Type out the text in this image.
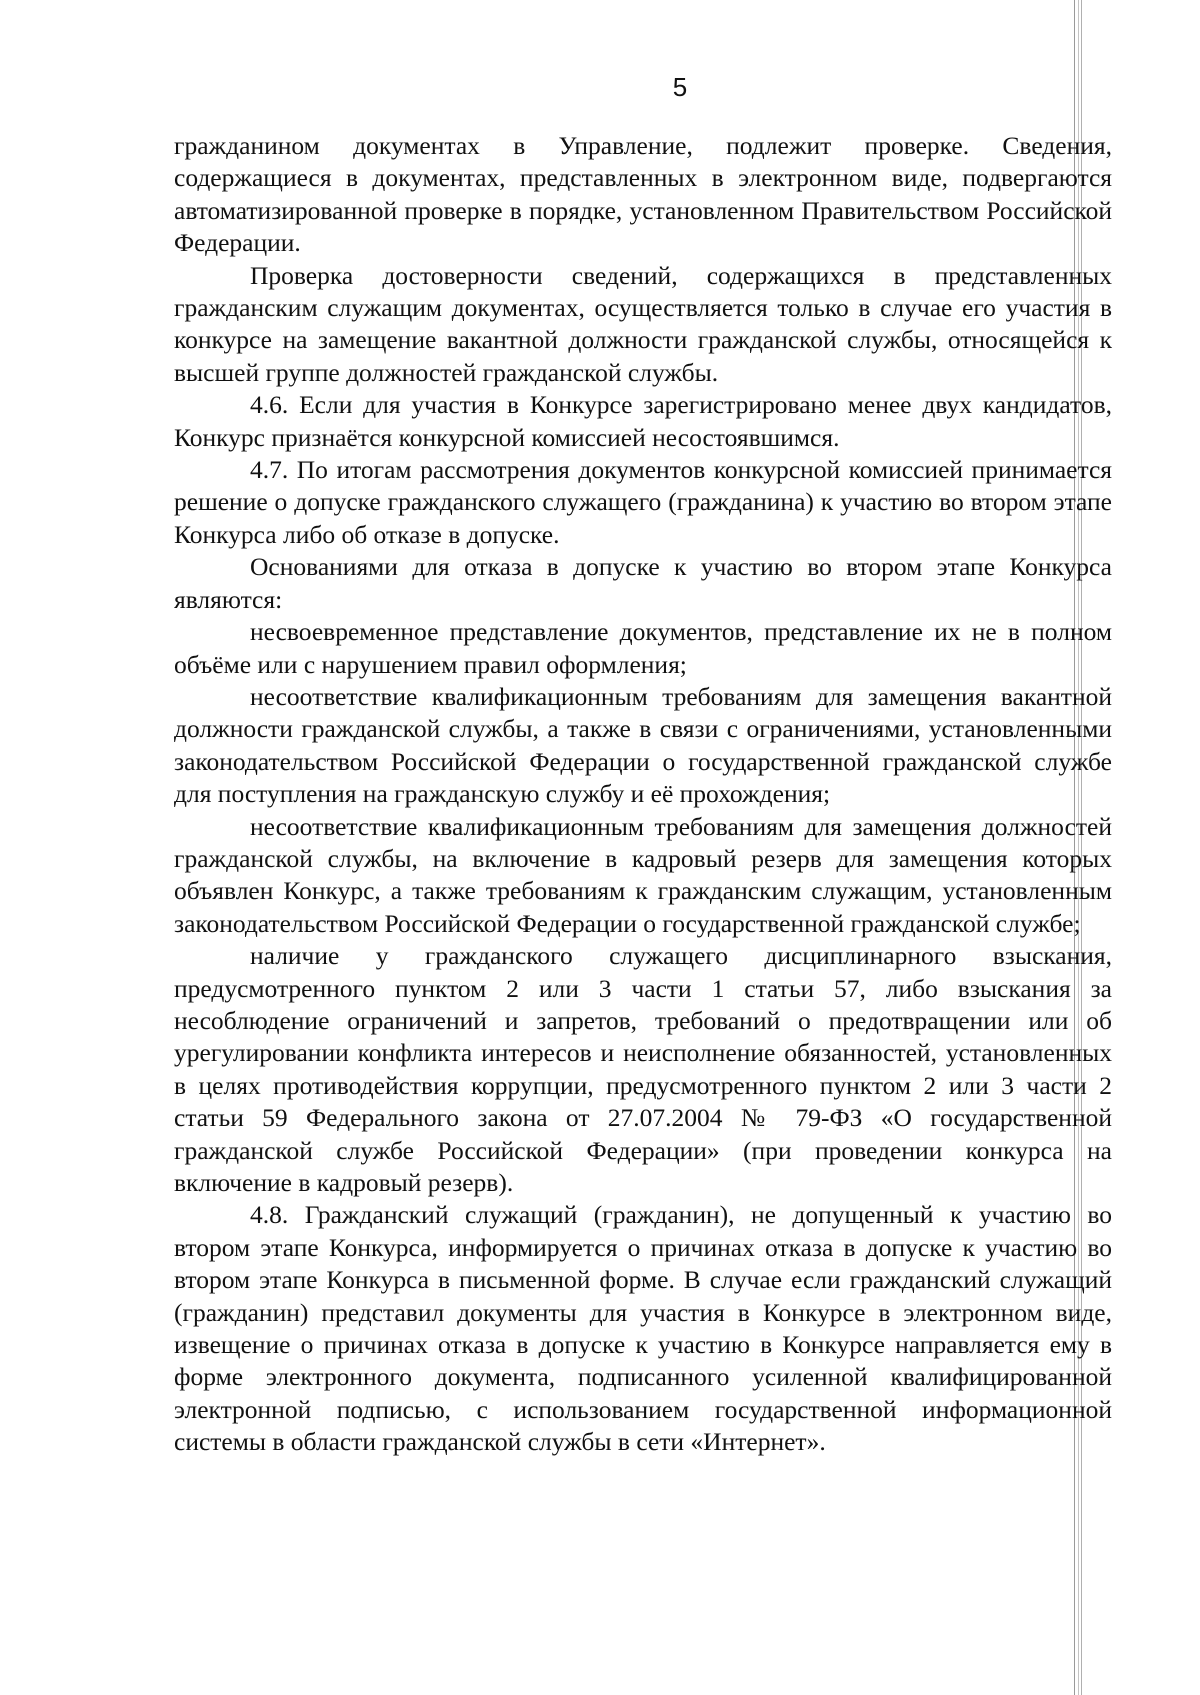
5

гражданином документах в Управление, подлежит проверке. Сведения, содержащиеся в документах, представленных в электронном виде, подвергаются автоматизированной проверке в порядке, установленном Правительством Российской Федерации.

Проверка достоверности сведений, содержащихся в представленных гражданским служащим документах, осуществляется только в случае его участия в конкурсе на замещение вакантной должности гражданской службы, относящейся к высшей группе должностей гражданской службы.

4.6. Если для участия в Конкурсе зарегистрировано менее двух кандидатов, Конкурс признаётся конкурсной комиссией несостоявшимся.

4.7. По итогам рассмотрения документов конкурсной комиссией принимается решение о допуске гражданского служащего (гражданина) к участию во втором этапе Конкурса либо об отказе в допуске.

Основаниями для отказа в допуске к участию во втором этапе Конкурса являются:

несвоевременное представление документов, представление их не в полном объёме или с нарушением правил оформления;

несоответствие квалификационным требованиям для замещения вакантной должности гражданской службы, а также в связи с ограничениями, установленными законодательством Российской Федерации о государственной гражданской службе для поступления на гражданскую службу и её прохождения;

несоответствие квалификационным требованиям для замещения должностей гражданской службы, на включение в кадровый резерв для замещения которых объявлен Конкурс, а также требованиям к гражданским служащим, установленным законодательством Российской Федерации о государственной гражданской службе;

наличие у гражданского служащего дисциплинарного взыскания, предусмотренного пунктом 2 или 3 части 1 статьи 57, либо взыскания за несоблюдение ограничений и запретов, требований о предотвращении или об урегулировании конфликта интересов и неисполнение обязанностей, установленных в целях противодействия коррупции, предусмотренного пунктом 2 или 3 части 2 статьи 59 Федерального закона от 27.07.2004 № 79-ФЗ «О государственной гражданской службе Российской Федерации» (при проведении конкурса на включение в кадровый резерв).

4.8. Гражданский служащий (гражданин), не допущенный к участию во втором этапе Конкурса, информируется о причинах отказа в допуске к участию во втором этапе Конкурса в письменной форме. В случае если гражданский служащий (гражданин) представил документы для участия в Конкурсе в электронном виде, извещение о причинах отказа в допуске к участию в Конкурсе направляется ему в форме электронного документа, подписанного усиленной квалифицированной электронной подписью, с использованием государственной информационной системы в области гражданской службы в сети «Интернет».
